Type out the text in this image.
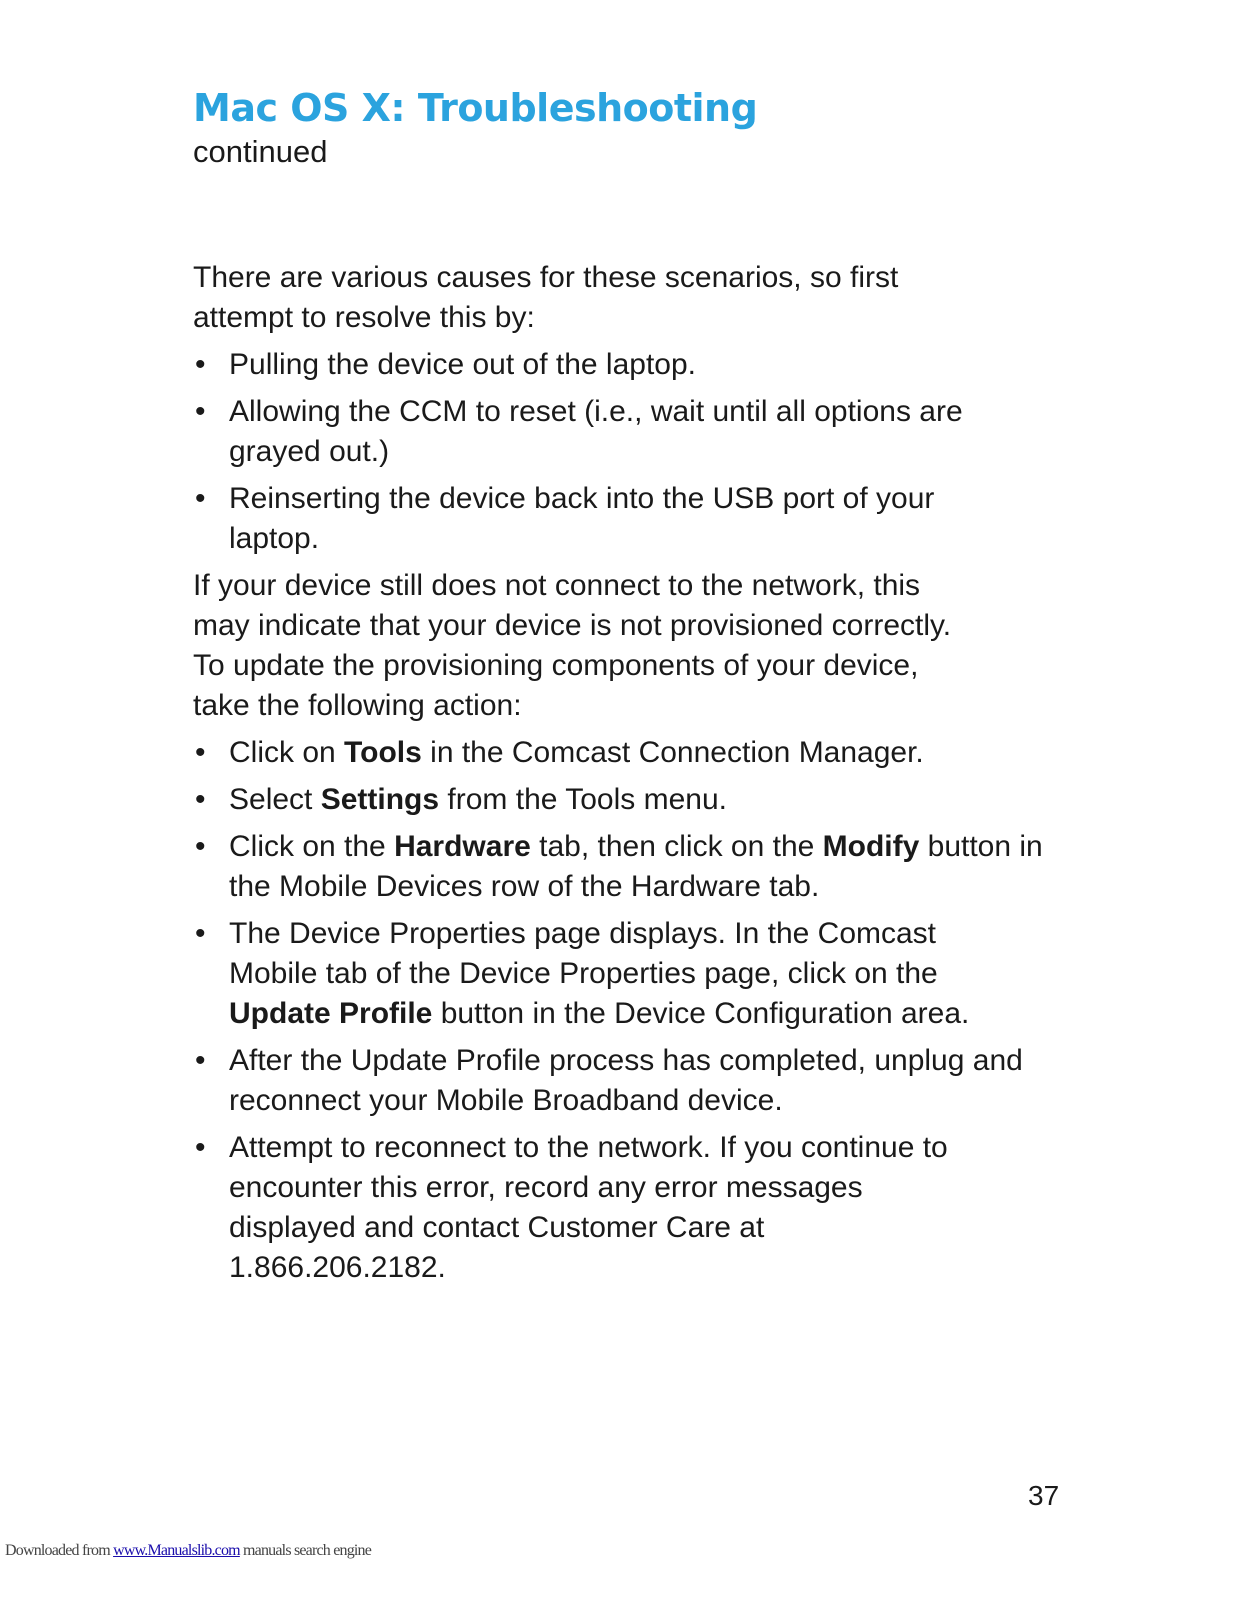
Mac OS X: Troubleshooting
continued

There are various causes for these scenarios, so first attempt to resolve this by:

• Pulling the device out of the laptop.
• Allowing the CCM to reset (i.e., wait until all options are grayed out.)
• Reinserting the device back into the USB port of your laptop.

If your device still does not connect to the network, this may indicate that your device is not provisioned correctly. To update the provisioning components of your device, take the following action:

• Click on Tools in the Comcast Connection Manager.
• Select Settings from the Tools menu.
• Click on the Hardware tab, then click on the Modify button in the Mobile Devices row of the Hardware tab.
• The Device Properties page displays. In the Comcast Mobile tab of the Device Properties page, click on the Update Profile button in the Device Configuration area.
• After the Update Profile process has completed, unplug and reconnect your Mobile Broadband device.
• Attempt to reconnect to the network. If you continue to encounter this error, record any error messages displayed and contact Customer Care at 1.866.206.2182.
37
Downloaded from www.Manualslib.com manuals search engine
